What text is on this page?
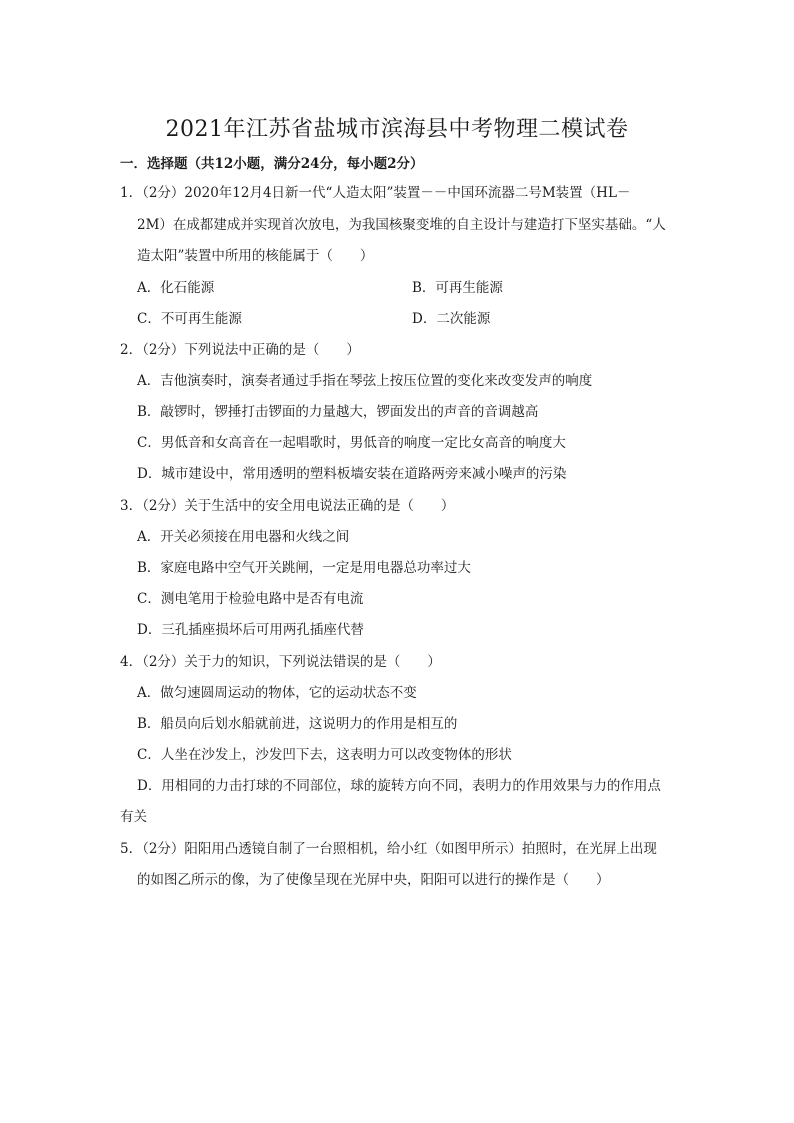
2021年江苏省盐城市滨海县中考物理二模试卷
一．选择题（共12小题，满分24分，每小题2分）
1．（2分）2020年12月4日新一代“人造太阳”装置－－中国环流器二号M装置（HL－
2M）在成都建成并实现首次放电，为我国核聚变堆的自主设计与建造打下坚实基础。“人
造太阳”装置中所用的核能属于（　　）
A．化石能源	B．可再生能源
C．不可再生能源	D．二次能源
2．（2分）下列说法中正确的是（　　）
A．吉他演奏时，演奏者通过手指在琴弦上按压位置的变化来改变发声的响度
B．敲锣时，锣捶打击锣面的力量越大，锣面发出的声音的音调越高
C．男低音和女高音在一起唱歌时，男低音的响度一定比女高音的响度大
D．城市建设中，常用透明的塑料板墙安装在道路两旁来减小噪声的污染
3．（2分）关于生活中的安全用电说法正确的是（　　）
A．开关必须接在用电器和火线之间
B．家庭电路中空气开关跳闸，一定是用电器总功率过大
C．测电笔用于检验电路中是否有电流
D．三孔插座损坏后可用两孔插座代替
4．（2分）关于力的知识，下列说法错误的是（　　）
A．做匀速圆周运动的物体，它的运动状态不变
B．船员向后划水船就前进，这说明力的作用是相互的
C．人坐在沙发上，沙发凹下去，这表明力可以改变物体的形状
D．用相同的力击打球的不同部位，球的旋转方向不同，表明力的作用效果与力的作用点
有关
5．（2分）阳阳用凸透镜自制了一台照相机，给小红（如图甲所示）拍照时，在光屏上出现
的如图乙所示的像，为了使像呈现在光屏中央，阳阳可以进行的操作是（　　）
